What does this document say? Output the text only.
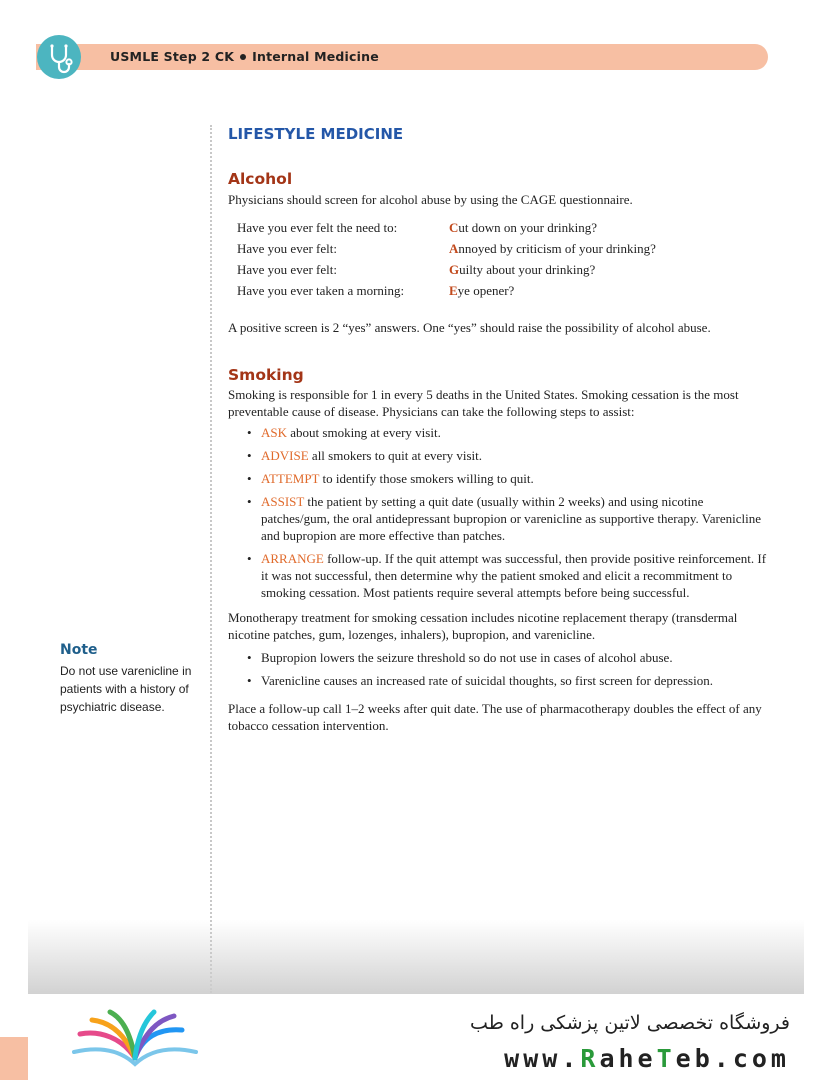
USMLE Step 2 CK Internal Medicine
LIFESTYLE MEDICINE
Alcohol

Physicians should screen for alcohol abuse by using the CAGE questionnaire.

Have you ever felt the need to:	Cut down on your drinking?
Have you ever felt:	Annoyed by criticism of your drinking?
Have you ever felt:	Guilty about your drinking?
Have you ever taken a morning:	Eye opener?

A positive screen is 2 “yes” answers. One “yes” should raise the possibility of alcohol abuse.

Smoking

Smoking is responsible for 1 in every 5 deaths in the United States. Smoking cessation is the most preventable cause of disease. Physicians can take the following steps to assist:

• ASK about smoking at every visit.
• ADVISE all smokers to quit at every visit.
• ATTEMPT to identify those smokers willing to quit.
• ASSIST the patient by setting a quit date (usually within 2 weeks) and using nicotine patches/gum, the oral antidepressant bupropion or varenicline as supportive therapy. Varenicline and bupropion are more effective than patches.
• ARRANGE follow-up. If the quit attempt was successful, then provide positive reinforcement. If it was not successful, then determine why the patient smoked and elicit a recommitment to smoking cessation. Most patients require several attempts before being successful.

Monotherapy treatment for smoking cessation includes nicotine replacement therapy (transdermal nicotine patches, gum, lozenges, inhalers), bupropion, and varenicline.

• Bupropion lowers the seizure threshold so do not use in cases of alcohol abuse.
• Varenicline causes an increased rate of suicidal thoughts, so first screen for depression.

Place a follow-up call 1–2 weeks after quit date. The use of pharmacotherapy doubles the effect of any tobacco cessation intervention.

Note

Do not use varenicline in patients with a history of psychiatric disease.

فروشگاه تخصصی لاتین پزشکی راه طب
www.RaheTeb.com
